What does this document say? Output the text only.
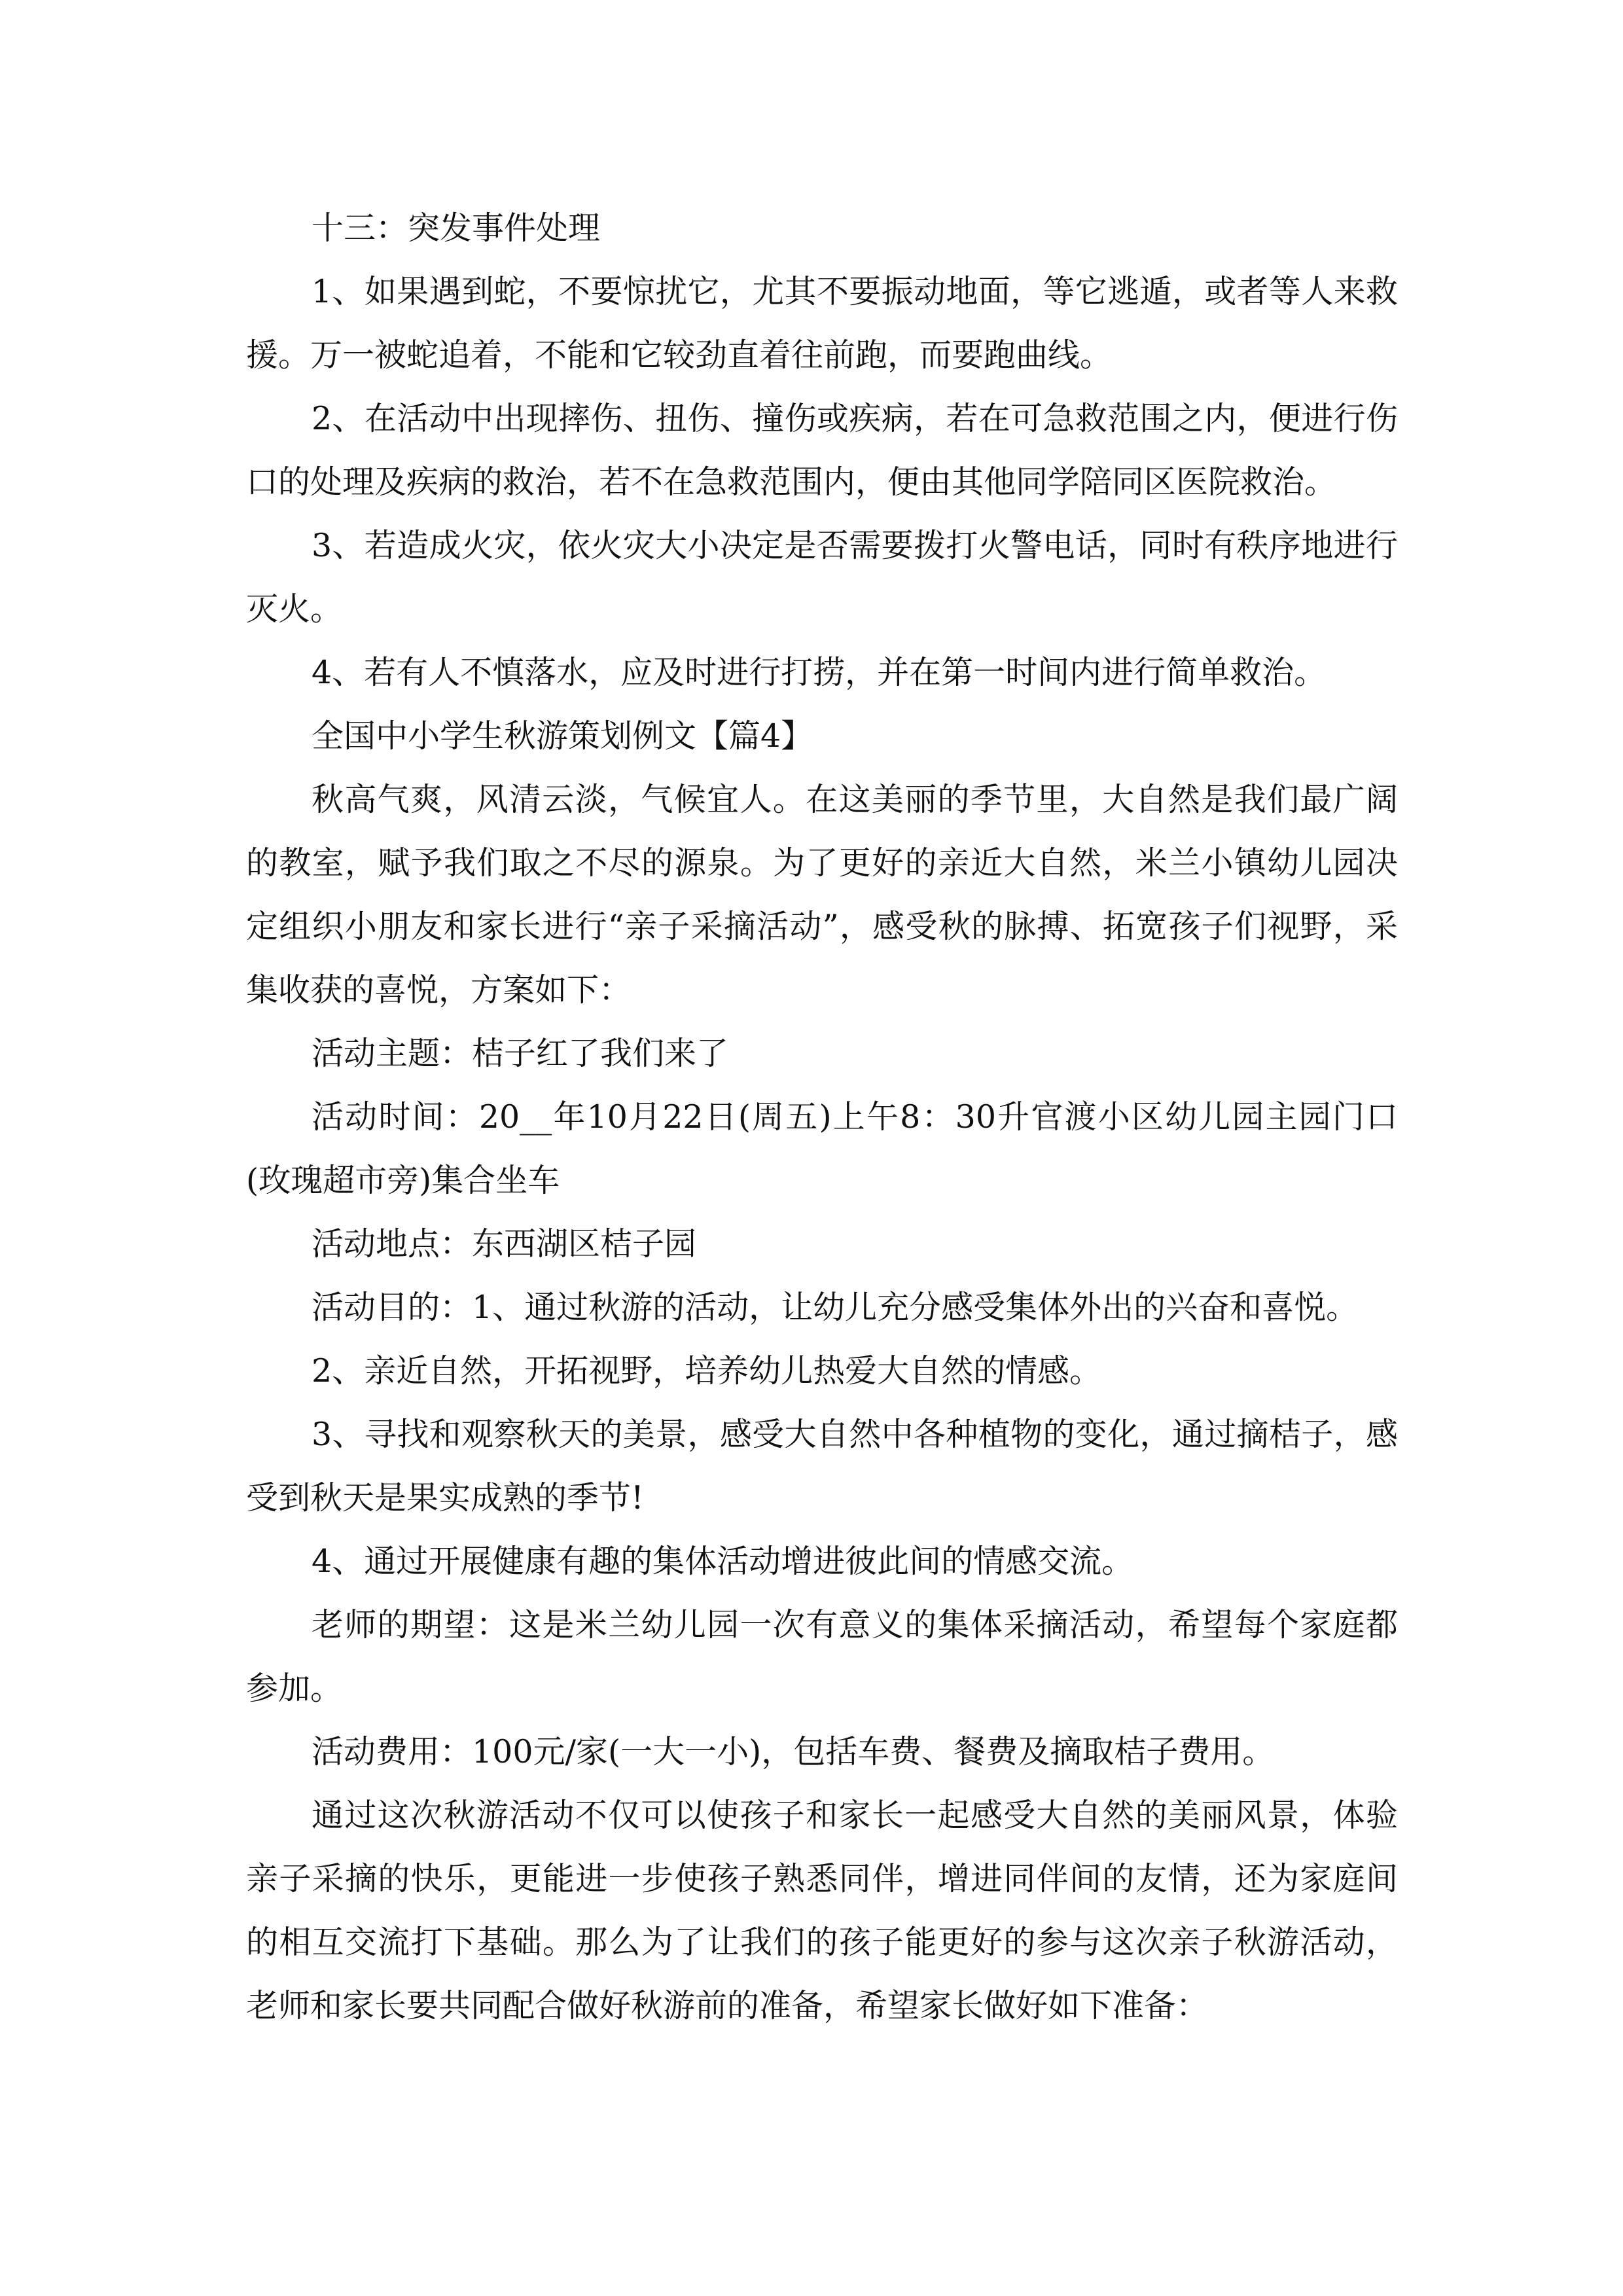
十三：突发事件处理

1、如果遇到蛇，不要惊扰它，尤其不要振动地面，等它逃遁，或者等人来救援。万一被蛇追着，不能和它较劲直着往前跑，而要跑曲线。

2、在活动中出现摔伤、扭伤、撞伤或疾病，若在可急救范围之内，便进行伤口的处理及疾病的救治，若不在急救范围内，便由其他同学陪同区医院救治。

3、若造成火灾，依火灾大小决定是否需要拨打火警电话，同时有秩序地进行灭火。

4、若有人不慎落水，应及时进行打捞，并在第一时间内进行简单救治。

全国中小学生秋游策划例文【篇4】

秋高气爽，风清云淡，气候宜人。在这美丽的季节里，大自然是我们最广阔的教室，赋予我们取之不尽的源泉。为了更好的亲近大自然，米兰小镇幼儿园决定组织小朋友和家长进行“亲子采摘活动”，感受秋的脉搏、拓宽孩子们视野，采集收获的喜悦，方案如下：

活动主题：桔子红了我们来了

活动时间：20__年10月22日(周五)上午8：30升官渡小区幼儿园主园门口(玫瑰超市旁)集合坐车

活动地点：东西湖区桔子园

活动目的：1、通过秋游的活动，让幼儿充分感受集体外出的兴奋和喜悦。

2、亲近自然，开拓视野，培养幼儿热爱大自然的情感。

3、寻找和观察秋天的美景，感受大自然中各种植物的变化，通过摘桔子，感受到秋天是果实成熟的季节!

4、通过开展健康有趣的集体活动增进彼此间的情感交流。

老师的期望：这是米兰幼儿园一次有意义的集体采摘活动，希望每个家庭都参加。

活动费用：100元/家(一大一小)，包括车费、餐费及摘取桔子费用。

通过这次秋游活动不仅可以使孩子和家长一起感受大自然的美丽风景，体验亲子采摘的快乐，更能进一步使孩子熟悉同伴，增进同伴间的友情，还为家庭间的相互交流打下基础。那么为了让我们的孩子能更好的参与这次亲子秋游活动，老师和家长要共同配合做好秋游前的准备，希望家长做好如下准备：
